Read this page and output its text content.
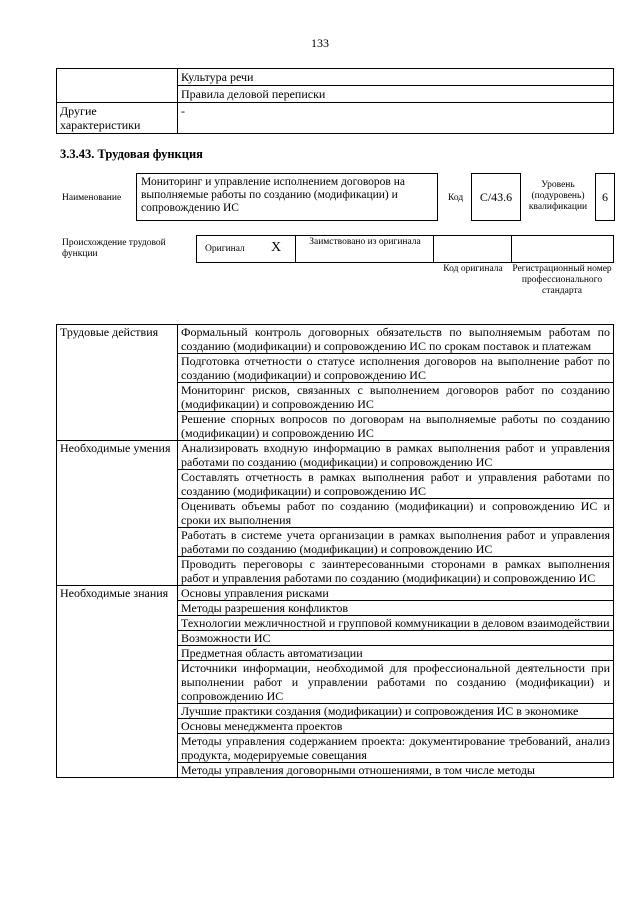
133
	Культура речи
	Правила деловой переписки
Другие характеристики	-
3.3.43. Трудовая функция
Наименование
Мониторинг и управление исполнением договоров на выполняемые работы по созданию (модификации) и сопровождению ИС
Код	С/43.6
Уровень (подуровень) квалификации
6
Происхождение трудовой функции	Оригинал X	Заимствовано из оригинала
Код оригинала	Регистрационный номер профессионального стандарта
Трудовые действия	Формальный контроль договорных обязательств по выполняемым работам по созданию (модификации) и сопровождению ИС по срокам поставок и платежам
	Подготовка отчетности о статусе исполнения договоров на выполнение работ по созданию (модификации) и сопровождению ИС
	Мониторинг рисков, связанных с выполнением договоров работ по созданию (модификации) и сопровождению ИС
	Решение спорных вопросов по договорам на выполняемые работы по созданию (модификации) и сопровождению ИС
Необходимые умения	Анализировать входную информацию в рамках выполнения работ и управления работами по созданию (модификации) и сопровождению ИС
	Составлять отчетность в рамках выполнения работ и управления работами по созданию (модификации) и сопровождению ИС
	Оценивать объемы работ по созданию (модификации) и сопровождению ИС и сроки их выполнения
	Работать в системе учета организации в рамках выполнения работ и управления работами по созданию (модификации) и сопровождению ИС
	Проводить переговоры с заинтересованными сторонами в рамках выполнения работ и управления работами по созданию (модификации) и сопровождению ИС
Необходимые знания	Основы управления рисками
	Методы разрешения конфликтов
	Технологии межличностной и групповой коммуникации в деловом взаимодействии
	Возможности ИС
	Предметная область автоматизации
	Источники информации, необходимой для профессиональной деятельности при выполнении работ и управлении работами по созданию (модификации) и сопровождению ИС
	Лучшие практики создания (модификации) и сопровождения ИС в экономике
	Основы менеджмента проектов
	Методы управления содержанием проекта: документирование требований, анализ продукта, модерируемые совещания
	Методы управления договорными отношениями, в том числе методы
